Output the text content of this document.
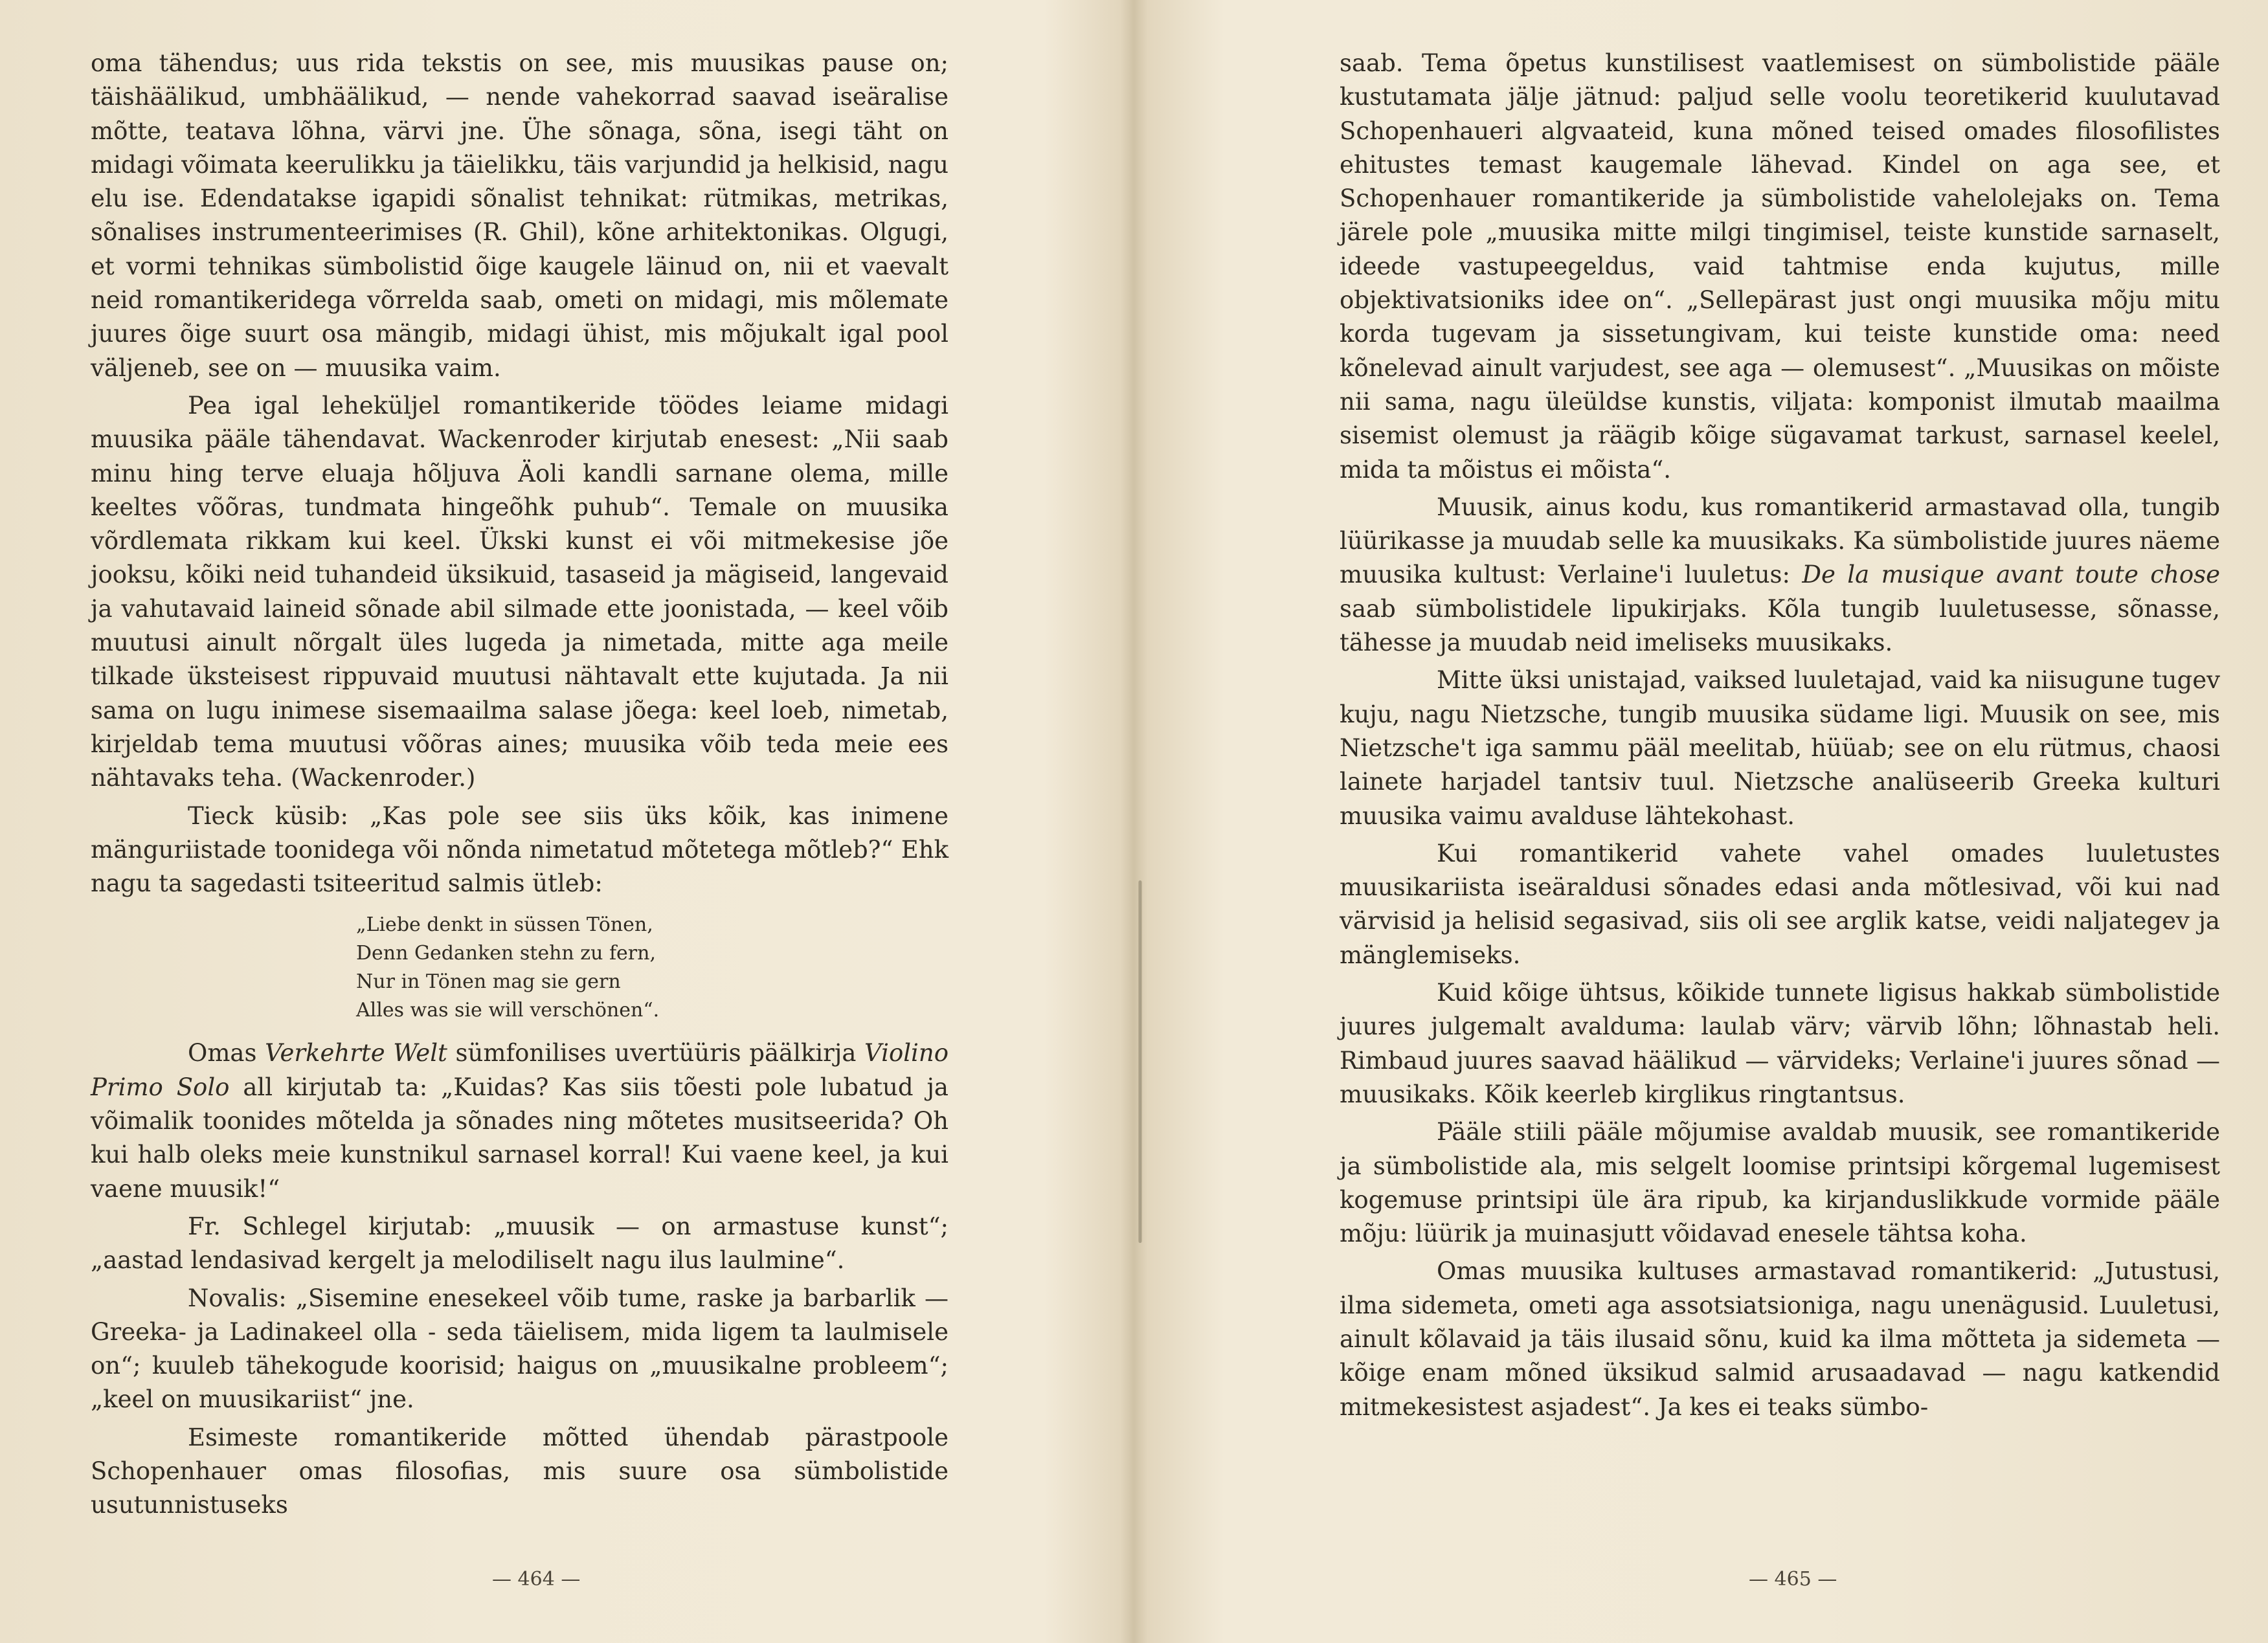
oma tähendus; uus rida tekstis on see, mis muusikas pause on; täishäälikud, umbhäälikud, — nende vahekorrad saavad iseäralise mõtte, teatava lõhna, värvi jne. Ühe sõnaga, sõna, isegi täht on midagi võimata keerulikku ja täielikku, täis varjundid ja helkisid, nagu elu ise. Edendatakse igapidi sõnalist tehnikat: rütmikas, metrikas, sõnalises instrumenteerimises (R. Ghil), kõne arhitektonikas. Olgugi, et vormi tehnikas sümbolistid õige kaugele läinud on, nii et vaevalt neid romantikeridega võrrelda saab, ometi on midagi, mis mõlemate juures õige suurt osa mängib, midagi ühist, mis mõjukalt igal pool väljeneb, see on — muusika vaim.

Pea igal leheküljel romantikeride töödes leiame midagi muusika pääle tähendavat. Wackenroder kirjutab enesest: „Nii saab minu hing terve eluaja hõljuva Äoli kandli sarnane olema, mille keeltes võõras, tundmata hingeõhk puhub“. Temale on muusika võrdlematа rikkam kui keel. Ükski kunst ei või mitmekesise jõe jooksu, kõiki neid tuhandeid üksikuid, tasaseid ja mägiseid, langevaid ja vahutavaid laineid sõnade abil silmade ette joonistada, — keel võib muutusi ainult nõrgalt üles lugeda ja nimetada, mitte aga meile tilkade üksteisest rippuvaid muutusi nähtavalt ette kujutada. Ja nii sama on lugu inimese sisemaailma salase jõega: keel loeb, nimetab, kirjeldab tema muutusi võõras aines; muusika võib teda meie ees nähtavaks teha. (Wackenroder.)

Tieck küsib: „Kas pole see siis üks kõik, kas inimene mänguriistade toonidega või nõnda nimetatud mõtetega mõtleb?“ Ehk nagu ta sagedasti tsiteeritud salmis ütleb:

„Liebe denkt in süssen Tönen,
Denn Gedanken stehn zu fern,
Nur in Tönen mag sie gern
Alles was sie will verschönen“.

Omas Verkehrte Welt sümfonilises uvertüüris päälkirja Violino Primo Solo all kirjutab ta: „Kuidas? Kas siis tõesti pole lubatud ja võimalik toonides mõtelda ja sõnades ning mõtetes musitseerida? Oh kui halb oleks meie kunstnikul sarnasel korral! Kui vaene keel, ja kui vaene muusik!“

Fr. Schlegel kirjutab: „muusik — on armastuse kunst“; „aastad lendasivad kergelt ja melodiliselt nagu ilus laulmine“.

Novalis: „Sisemine enesekeel võib tume, raske ja barbarlik — Greeka- ja Ladinakeel olla - seda täielisem, mida ligem ta laulmisele on“; kuuleb tähekogude koorisid; haigus on „muusikalne probleem“; „keel on muusikariist“ jne.

Esimeste romantikeride mõtted ühendab pärastpoole Schopenhauer omas filosofias, mis suure osa sümbolistide usutunnistuseks

— 464 —

saab. Tema õpetus kunstilisest vaatlemisest on sümbolistide pääle kustutamata jälje jätnud: paljud selle voolu teoretikerid kuulutavad Schopenhaueri algvaateid, kuna mõned teised omades filosofilistes ehitustes temast kaugemale lähevad. Kindel on aga see, et Schopenhauer romantikeride ja sümbolistide vahelolejaks on. Tema järele pole „muusika mitte milgi tingimisel, teiste kunstide sarnaselt, ideede vastupeegeldus, vaid tahtmise enda kujutus, mille objektivatsioniks idee on“. „Sellepärast just ongi muusika mõju mitu korda tugevam ja sissetungivam, kui teiste kunstide oma: need kõnelevad ainult varjudest, see aga — olemusest“. „Muusikas on mõiste nii sama, nagu üleüldse kunstis, viljata: komponist ilmutab maailma sisemist olemust ja räägib kõige sügavamat tarkust, sarnasel keelel, mida ta mõistus ei mõista“.

Muusik, ainus kodu, kus romantikerid armastavad olla, tungib lüürikasse ja muudab selle ka muusikaks. Ka sümbolistide juures näeme muusika kultust: Verlaine'i luuletus: De la musique avant toute chose saab sümbolistidele lipukirjaks. Kõla tungib luuletusesse, sõnasse, tähesse ja muudab neid imeliseks muusikaks.

Mitte üksi unistajad, vaiksed luuletajad, vaid ka niisugune tugev kuju, nagu Nietzsche, tungib muusika südame ligi. Muusik on see, mis Nietzsche't iga sammu pääl meelitab, hüüab; see on elu rütmus, chaosi lainete harjadel tantsiv tuul. Nietzsche analüseerib Greeka kulturi muusika vaimu avalduse lähtekohast.

Kui romantikerid vahete vahel omades luuletustes muusikariista iseäraldusi sõnades edasi anda mõtlesivad, või kui nad värvisid ja helisid segasivad, siis oli see arglik katse, veidi naljategev ja mänglemiseks.

Kuid kõige ühtsus, kõikide tunnete ligisus hakkab sümbolistide juures julgemalt avalduma: laulab värv; värvib lõhn; lõhnastab heli. Rimbaud juures saavad häälikud — värvideks; Verlaine'i juures sõnad — muusikaks. Kõik keerleb kirglikus ringtantsus.

Pääle stiili pääle mõjumise avaldab muusik, see romantikeride ja sümbolistide ala, mis selgelt loomise printsipi kõrgemal lugemisest kogemuse printsipi üle ära ripub, ka kirjanduslikkude vormide pääle mõju: lüürik ja muinasjutt võidavad enesele tähtsa koha.

Omas muusika kultuses armastavad romantikerid: „Jutustusi, ilma sidemeta, ometi aga assotsiatsioniga, nagu unenägusid. Luuletusi, ainult kõlavaid ja täis ilusaid sõnu, kuid ka ilma mõtteta ja sidemeta — kõige enam mõned üksikud salmid arusaadavad — nagu katkendid mitmekesistest asjadest“. Ja kes ei teaks sümbo-

— 465 —
